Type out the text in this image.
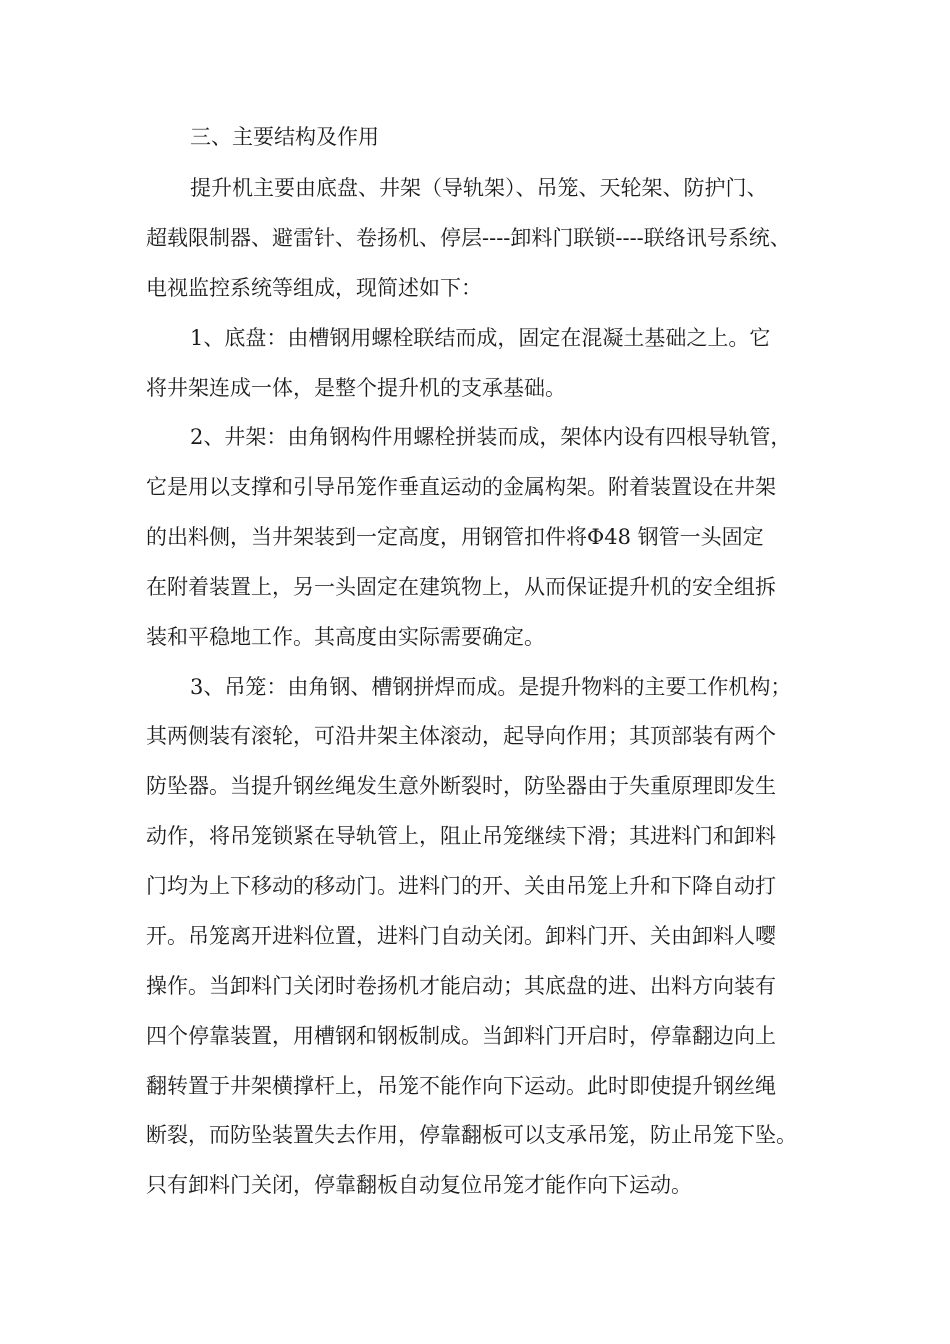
三、主要结构及作用
提升机主要由底盘、井架（导轨架）、吊笼、天轮架、防护门、
超载限制器、避雷针、卷扬机、停层----卸料门联锁----联络讯号系统、
电视监控系统等组成，现简述如下：
1、底盘：由槽钢用螺栓联结而成，固定在混凝土基础之上。它
将井架连成一体，是整个提升机的支承基础。
2、井架：由角钢构件用螺栓拼装而成，架体内设有四根导轨管，
它是用以支撑和引导吊笼作垂直运动的金属构架。附着装置设在井架
的出料侧，当井架装到一定高度，用钢管扣件将Φ48 钢管一头固定
在附着装置上，另一头固定在建筑物上，从而保证提升机的安全组拆
装和平稳地工作。其高度由实际需要确定。
3、吊笼：由角钢、槽钢拼焊而成。是提升物料的主要工作机构；
其两侧装有滚轮，可沿井架主体滚动，起导向作用；其顶部装有两个
防坠器。当提升钢丝绳发生意外断裂时，防坠器由于失重原理即发生
动作，将吊笼锁紧在导轨管上，阻止吊笼继续下滑；其进料门和卸料
门均为上下移动的移动门。进料门的开、关由吊笼上升和下降自动打
开。吊笼离开进料位置，进料门自动关闭。卸料门开、关由卸料人嘤
操作。当卸料门关闭时卷扬机才能启动；其底盘的进、出料方向装有
四个停靠装置，用槽钢和钢板制成。当卸料门开启时，停靠翻边向上
翻转置于井架横撑杆上，吊笼不能作向下运动。此时即使提升钢丝绳
断裂，而防坠装置失去作用，停靠翻板可以支承吊笼，防止吊笼下坠。
只有卸料门关闭，停靠翻板自动复位吊笼才能作向下运动。
